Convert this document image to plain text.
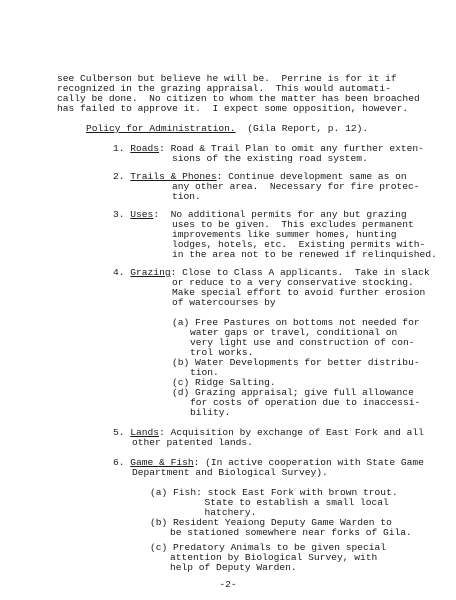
see Culberson but believe he will be.  Perrine is for it if
recognized in the grazing appraisal.  This would automati-
cally be done.  No citizen to whom the matter has been broached
has failed to approve it.  I expect some opposition, however.
Policy for Administration. (Gila Report, p. 12).
1. Roads: Road & Trail Plan to omit any further exten-
sions of the existing road system.
2. Trails & Phones: Continue development same as on
any other area.  Necessary for fire protec-
tion.
3. Uses:  No additional permits for any but grazing
uses to be given.  This excludes permanent
improvements like summer homes, hunting
lodges, hotels, etc.  Existing permits with-
in the area not to be renewed if relinquished.
4. Grazing: Close to Class A applicants.  Take in slack
or reduce to a very conservative stocking.
Make special effort to avoid further erosion
of watercourses by
(a) Free Pastures on bottoms not needed for
water gaps or travel, conditional on
very light use and construction of con-
trol works.
(b) Water Developments for better distribu-
tion.
(c) Ridge Salting.
(d) Grazing appraisal; give full allowance
for costs of operation due to inaccessi-
bility.
5. Lands: Acquisition by exchange of East Fork and all
other patented lands.
6. Game & Fish: (In active cooperation with State Game
Department and Biological Survey).
(a) Fish: stock East Fork with brown trout.
State to establish a small local
hatchery.
(b) Resident Yeaiong Deputy Game Warden to
be stationed somewhere near forks of Gila.
(c) Predatory Animals to be given special
attention by Biological Survey, with
help of Deputy Warden.
-2-
